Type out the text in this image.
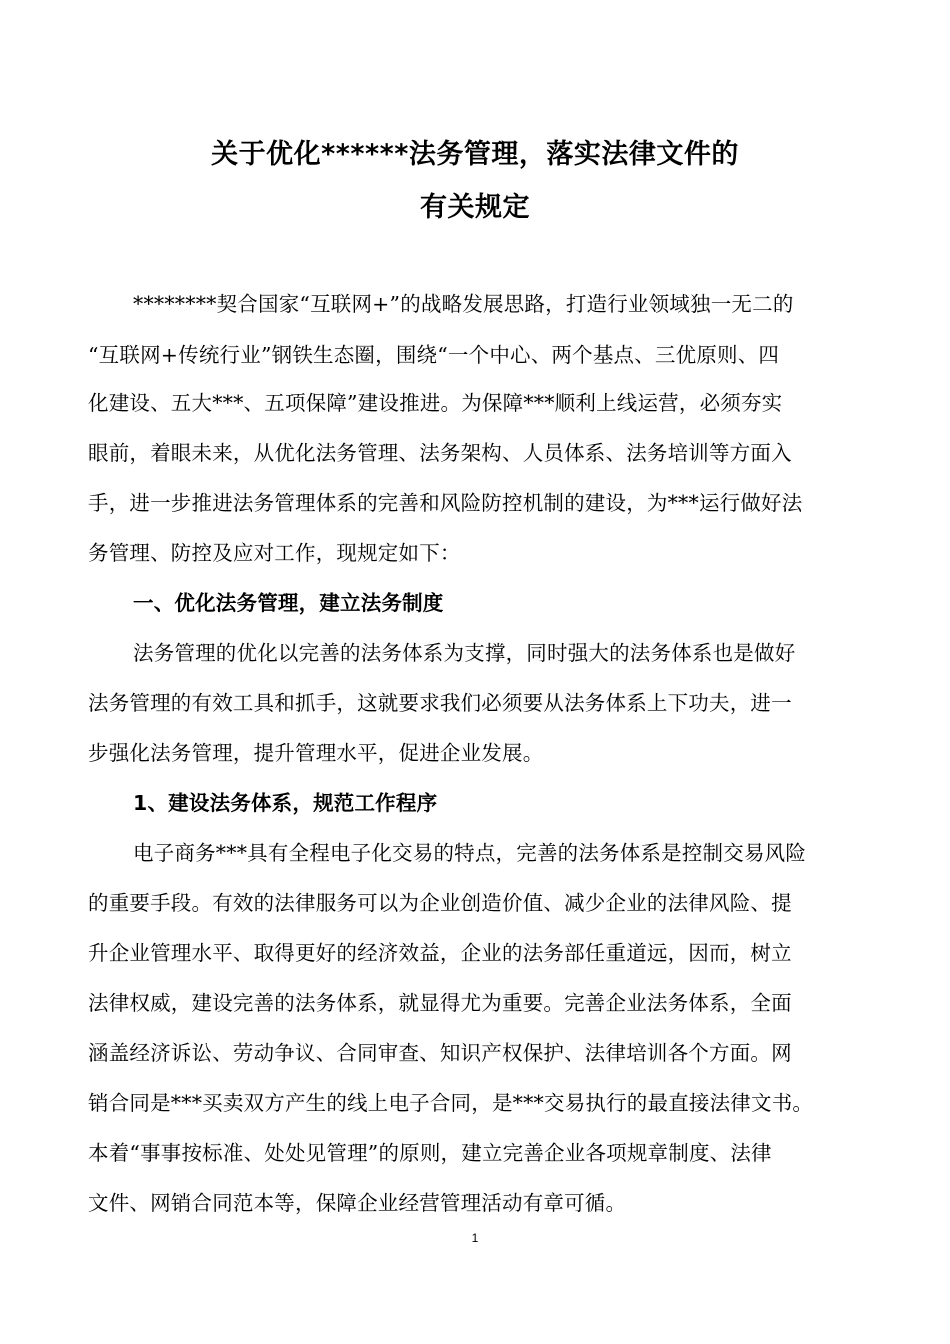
关于优化******法务管理，落实法律文件的
有关规定
********契合国家“互联网+”的战略发展思路，打造行业领域独一无二的
“互联网+传统行业”钢铁生态圈，围绕“一个中心、两个基点、三优原则、四
化建设、五大***、五项保障”建设推进。为保障***顺利上线运营，必须夯实
眼前，着眼未来，从优化法务管理、法务架构、人员体系、法务培训等方面入
手，进一步推进法务管理体系的完善和风险防控机制的建设，为***运行做好法
务管理、防控及应对工作，现规定如下：
一、优化法务管理，建立法务制度
法务管理的优化以完善的法务体系为支撑，同时强大的法务体系也是做好
法务管理的有效工具和抓手，这就要求我们必须要从法务体系上下功夫，进一
步强化法务管理，提升管理水平，促进企业发展。
1、建设法务体系，规范工作程序
电子商务***具有全程电子化交易的特点，完善的法务体系是控制交易风险
的重要手段。有效的法律服务可以为企业创造价值、减少企业的法律风险、提
升企业管理水平、取得更好的经济效益，企业的法务部任重道远，因而，树立
法律权威，建设完善的法务体系，就显得尤为重要。完善企业法务体系，全面
涵盖经济诉讼、劳动争议、合同审查、知识产权保护、法律培训各个方面。网
销合同是***买卖双方产生的线上电子合同，是***交易执行的最直接法律文书。
本着“事事按标准、处处见管理”的原则，建立完善企业各项规章制度、法律
文件、网销合同范本等，保障企业经营管理活动有章可循。
1
